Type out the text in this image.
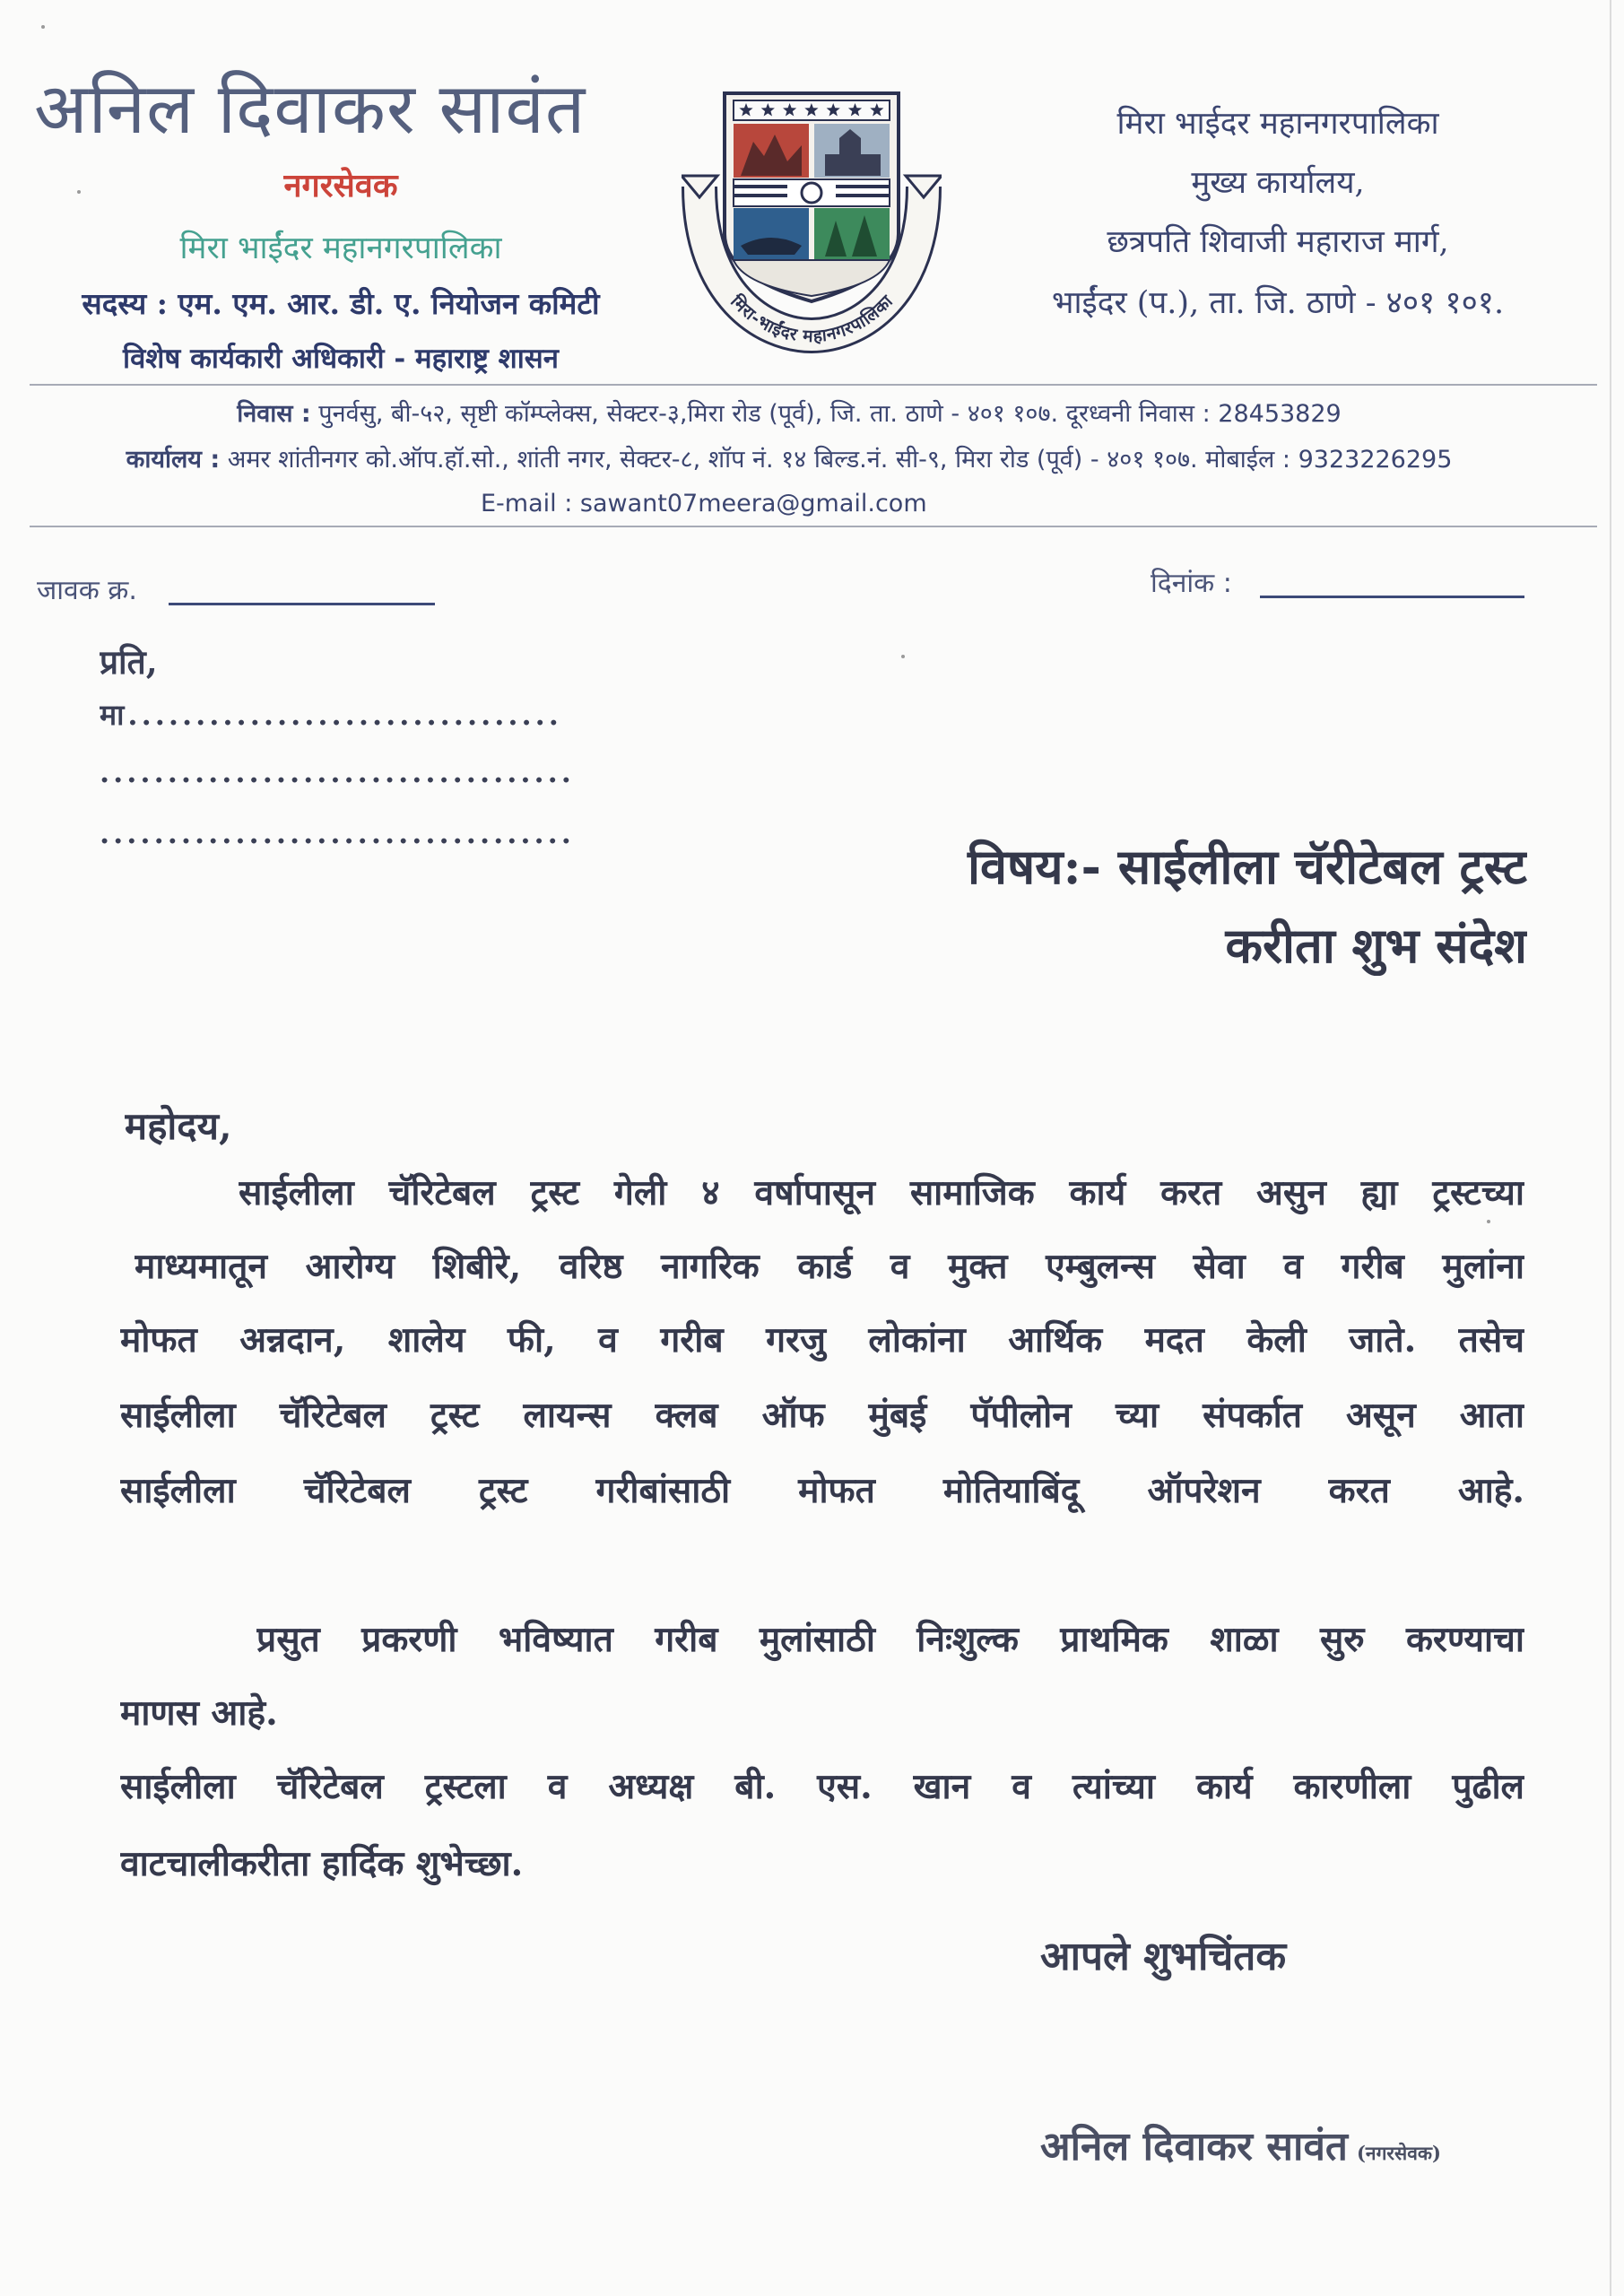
अनिल दिवाकर सावंत
नगरसेवक
मिरा भाईंदर महानगरपालिका
सदस्य : एम. एम. आर. डी. ए. नियोजन कमिटी
विशेष कार्यकारी अधिकारी - महाराष्ट्र शासन
मिरा-भाईंदर महानगरपालिका
मिरा भाईदर महानगरपालिका
मुख्य कार्यालय,
छत्रपति शिवाजी महाराज मार्ग,
भाईंदर (प.), ता. जि. ठाणे - ४०१ १०१.
निवास : पुनर्वसु, बी-५२, सृष्टी कॉम्प्लेक्स, सेक्टर-३,मिरा रोड (पूर्व), जि. ता. ठाणे - ४०१ १०७. दूरध्वनी निवास : 28453829
कार्यालय : अमर शांतीनगर को.ऑप.हॉ.सो., शांती नगर, सेक्टर-८, शॉप नं. १४ बिल्ड.नं. सी-९, मिरा रोड (पूर्व) - ४०१ १०७. मोबाईल : 9323226295
E-mail : sawant07meera@gmail.com
जावक क्र.	दिनांक :
प्रति,
मा................................
...................................
...................................
विषय:- साईलीला चॅरीटेबल ट्रस्ट
करीता शुभ संदेश
महोदय,
साईलीला चॅरिटेबल ट्रस्ट गेली ४ वर्षापासून सामाजिक कार्य करत असुन ह्या ट्रस्टच्या
माध्यमातून आरोग्य शिबीरे, वरिष्ठ नागरिक कार्ड व मुक्त एम्बुलन्स सेवा व गरीब मुलांना
मोफत अन्नदान, शालेय फी, व गरीब गरजु लोकांना आर्थिक मदत केली जाते. तसेच
साईलीला चॅरिटेबल ट्रस्ट लायन्स क्लब ऑफ मुंबई पॅपीलोन च्या संपर्कात असून आता
साईलीला चॅरिटेबल ट्रस्ट गरीबांसाठी मोफत मोतियाबिंदू ऑपरेशन करत आहे.
प्रसुत प्रकरणी भविष्यात गरीब मुलांसाठी निःशुल्क प्राथमिक शाळा सुरु करण्याचा
माणस आहे.
साईलीला चॅरिटेबल ट्रस्टला व अध्यक्ष बी. एस. खान व त्यांच्या कार्य कारणीला पुढील
वाटचालीकरीता हार्दिक शुभेच्छा.
आपले शुभचिंतक
अनिल दिवाकर सावंत (नगरसेवक)
